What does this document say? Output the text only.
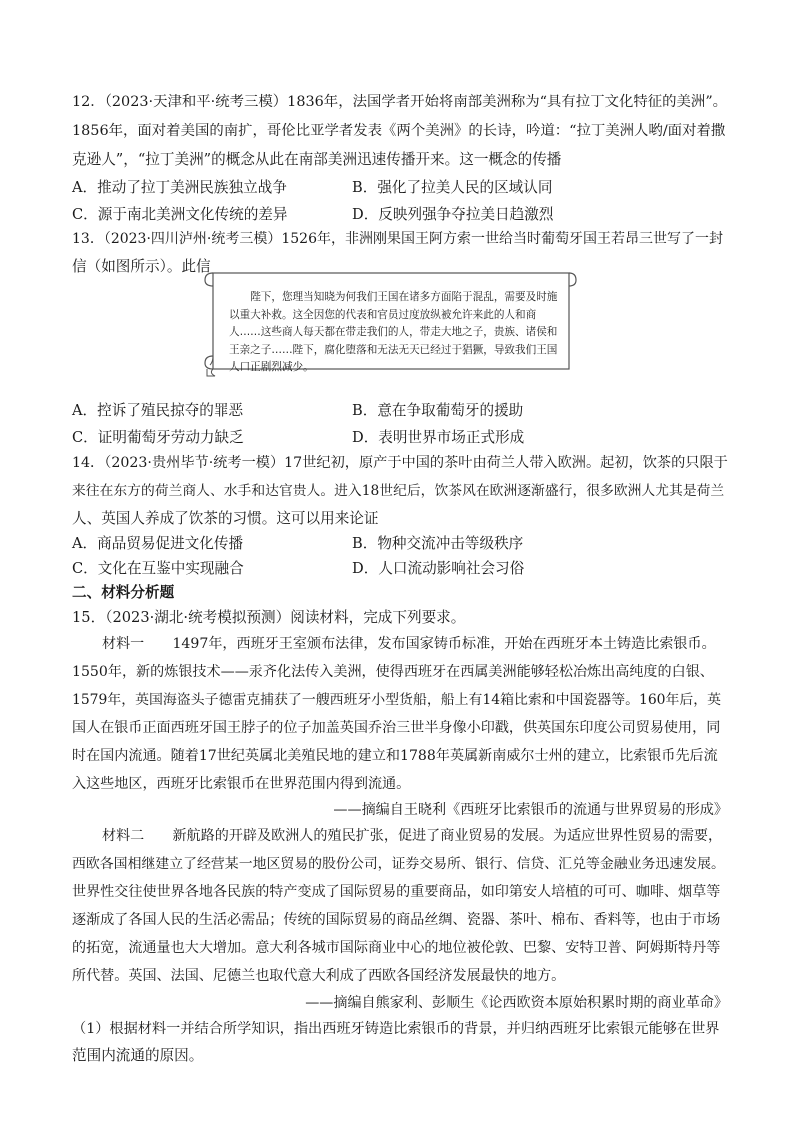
12．（2023·天津和平·统考三模）1836年，法国学者开始将南部美洲称为“具有拉丁文化特征的美洲”。
1856年，面对着美国的南扩，哥伦比亚学者发表《两个美洲》的长诗，吟道：“拉丁美洲人哟/面对着撒
克逊人”，“拉丁美洲”的概念从此在南部美洲迅速传播开来。这一概念的传播
A．推动了拉丁美洲民族独立战争	B．强化了拉美人民的区域认同
C．源于南北美洲文化传统的差异	D．反映列强争夺拉美日趋激烈
13．（2023·四川泸州·统考三模）1526年，非洲刚果国王阿方索一世给当时葡萄牙国王若昂三世写了一封
信（如图所示）。此信
陛下，您理当知晓为何我们王国在诸多方面陷于混乱，需要及时施以重大补救。这全因您的代表和官员过度放纵被允许来此的人和商人……这些商人每天都在带走我们的人，带走大地之子，贵族、诸侯和王亲之子……陛下，腐化堕落和无法无天已经过于猖獗，导致我们王国人口正剧烈减少。
A．控诉了殖民掠夺的罪恶	B．意在争取葡萄牙的援助
C．证明葡萄牙劳动力缺乏	D．表明世界市场正式形成
14．（2023·贵州毕节·统考一模）17世纪初，原产于中国的茶叶由荷兰人带入欧洲。起初，饮茶的只限于
来往在东方的荷兰商人、水手和达官贵人。进入18世纪后，饮茶风在欧洲逐渐盛行，很多欧洲人尤其是荷兰
人、英国人养成了饮茶的习惯。这可以用来论证
A．商品贸易促进文化传播	B．物种交流冲击等级秩序
C．文化在互鉴中实现融合	D．人口流动影响社会习俗
二、材料分析题
15．（2023·湖北·统考模拟预测）阅读材料，完成下列要求。
材料一　　1497年，西班牙王室颁布法律，发布国家铸币标准，开始在西班牙本土铸造比索银币。
1550年，新的炼银技术——汞齐化法传入美洲，使得西班牙在西属美洲能够轻松冶炼出高纯度的白银、
1579年，英国海盗头子德雷克捕获了一艘西班牙小型货船，船上有14箱比索和中国瓷器等。160年后，英
国人在银币正面西班牙国王脖子的位子加盖英国乔治三世半身像小印戳，供英国东印度公司贸易使用，同
时在国内流通。随着17世纪英属北美殖民地的建立和1788年英属新南威尔士州的建立，比索银币先后流
入这些地区，西班牙比索银币在世界范围内得到流通。
——摘编自王晓利《西班牙比索银币的流通与世界贸易的形成》
材料二　　新航路的开辟及欧洲人的殖民扩张，促进了商业贸易的发展。为适应世界性贸易的需要，
西欧各国相继建立了经营某一地区贸易的股份公司，证券交易所、银行、信贷、汇兑等金融业务迅速发展。
世界性交往使世界各地各民族的特产变成了国际贸易的重要商品，如印第安人培植的可可、咖啡、烟草等
逐渐成了各国人民的生活必需品；传统的国际贸易的商品丝绸、瓷器、茶叶、棉布、香料等，也由于市场
的拓宽，流通量也大大增加。意大利各城市国际商业中心的地位被伦敦、巴黎、安特卫普、阿姆斯特丹等
所代替。英国、法国、尼德兰也取代意大利成了西欧各国经济发展最快的地方。
——摘编自熊家利、彭顺生《论西欧资本原始积累时期的商业革命》
（1）根据材料一并结合所学知识，指出西班牙铸造比索银币的背景，并归纳西班牙比索银元能够在世界
范围内流通的原因。
